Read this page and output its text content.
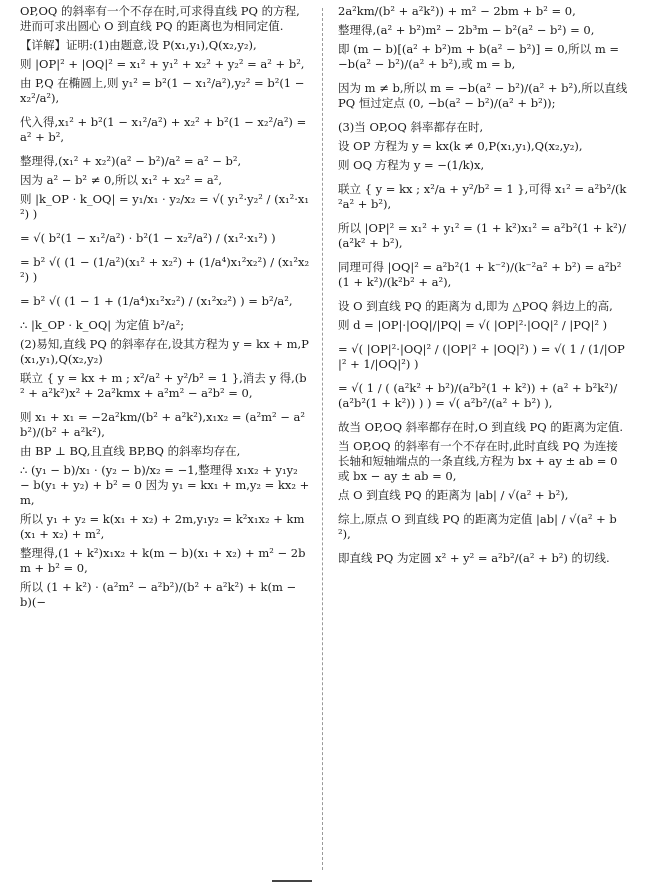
OP,OQ 的斜率有一个不存在时,可求得直线 PQ 的方程,进而可求出圆心 O 到直线 PQ 的距离也为相同定值.

【详解】证明:(1)由题意,设 P(x₁,y₁),Q(x₂,y₂),

则 |OP|² + |OQ|² = x₁² + y₁² + x₂² + y₂² = a² + b²,

由 P,Q 在椭圆上,则 y₁² = b²(1 − x₁²/a²),y₂² = b²(1 − x₂²/a²),

代入得,x₁² + b²(1 − x₁²/a²) + x₂² + b²(1 − x₂²/a²) = a² + b²,

整理得,(x₁² + x₂²)(a² − b²)/a² = a² − b²,

因为 a² − b² ≠ 0,所以 x₁² + x₂² = a²,

则 |k_OP · k_OQ| = y₁/x₁ · y₂/x₂ = √( y₁²·y₂² / (x₁²·x₁²) )

= √( b²(1 − x₁²/a²) · b²(1 − x₂²/a²) / (x₁²·x₁²) )

= b² √( (1 − (1/a²)(x₁² + x₂²) + (1/a⁴)x₁²x₂²) / (x₁²x₂²) )

= b² √( (1 − 1 + (1/a⁴)x₁²x₂²) / (x₁²x₂²) ) = b²/a²,

∴ |k_OP · k_OQ| 为定值 b²/a²;

(2)易知,直线 PQ 的斜率存在,设其方程为 y = kx + m,P(x₁,y₁),Q(x₂,y₂)

联立 { y = kx + m ; x²/a² + y²/b² = 1 },消去 y 得,(b² + a²k²)x² + 2a²kmx + a²m² − a²b² = 0,

则 x₁ + x₁ = −2a²km/(b² + a²k²),x₁x₂ = (a²m² − a²b²)/(b² + a²k²),

由 BP ⊥ BQ,且直线 BP,BQ 的斜率均存在,

∴ (y₁ − b)/x₁ · (y₂ − b)/x₂ = −1,整理得 x₁x₂ + y₁y₂ − b(y₁ + y₂) + b² = 0 因为 y₁ = kx₁ + m,y₂ = kx₂ + m,

所以 y₁ + y₂ = k(x₁ + x₂) + 2m,y₁y₂ = k²x₁x₂ + km(x₁ + x₂) + m²,

整理得,(1 + k²)x₁x₂ + k(m − b)(x₁ + x₂) + m² − 2bm + b² = 0,

所以 (1 + k²) · (a²m² − a²b²)/(b² + a²k²) + k(m − b)(−

2a²km/(b² + a²k²)) + m² − 2bm + b² = 0,

整理得,(a² + b²)m² − 2b³m − b²(a² − b²) = 0,

即 (m − b)[(a² + b²)m + b(a² − b²)] = 0,所以 m = −b(a² − b²)/(a² + b²),或 m = b,

因为 m ≠ b,所以 m = −b(a² − b²)/(a² + b²),所以直线 PQ 恒过定点 (0, −b(a² − b²)/(a² + b²));

(3)当 OP,OQ 斜率都存在时,

设 OP 方程为 y = kx(k ≠ 0,P(x₁,y₁),Q(x₂,y₂),

则 OQ 方程为 y = −(1/k)x,

联立 { y = kx ; x²/a + y²/b² = 1 },可得 x₁² = a²b²/(k²a² + b²),

所以 |OP|² = x₁² + y₁² = (1 + k²)x₁² = a²b²(1 + k²)/(a²k² + b²),

同理可得 |OQ|² = a²b²(1 + k⁻²)/(k⁻²a² + b²) = a²b²(1 + k²)/(k²b² + a²),

设 O 到直线 PQ 的距离为 d,即为 △POQ 斜边上的高,

则 d = |OP|·|OQ|/|PQ| = √( |OP|²·|OQ|² / |PQ|² )

= √( |OP|²·|OQ|² / (|OP|² + |OQ|²) ) = √( 1 / (1/|OP|² + 1/|OQ|²) )

= √( 1 / ( (a²k² + b²)/(a²b²(1 + k²)) + (a² + b²k²)/(a²b²(1 + k²)) ) ) = √( a²b²/(a² + b²) ),

故当 OP,OQ 斜率都存在时,O 到直线 PQ 的距离为定值.

当 OP,OQ 的斜率有一个不存在时,此时直线 PQ 为连接长轴和短轴端点的一条直线,方程为 bx + ay ± ab = 0 或 bx − ay ± ab = 0,

点 O 到直线 PQ 的距离为 |ab| / √(a² + b²),

综上,原点 O 到直线 PQ 的距离为定值 |ab| / √(a² + b²),

即直线 PQ 为定圆 x² + y² = a²b²/(a² + b²) 的切线.
